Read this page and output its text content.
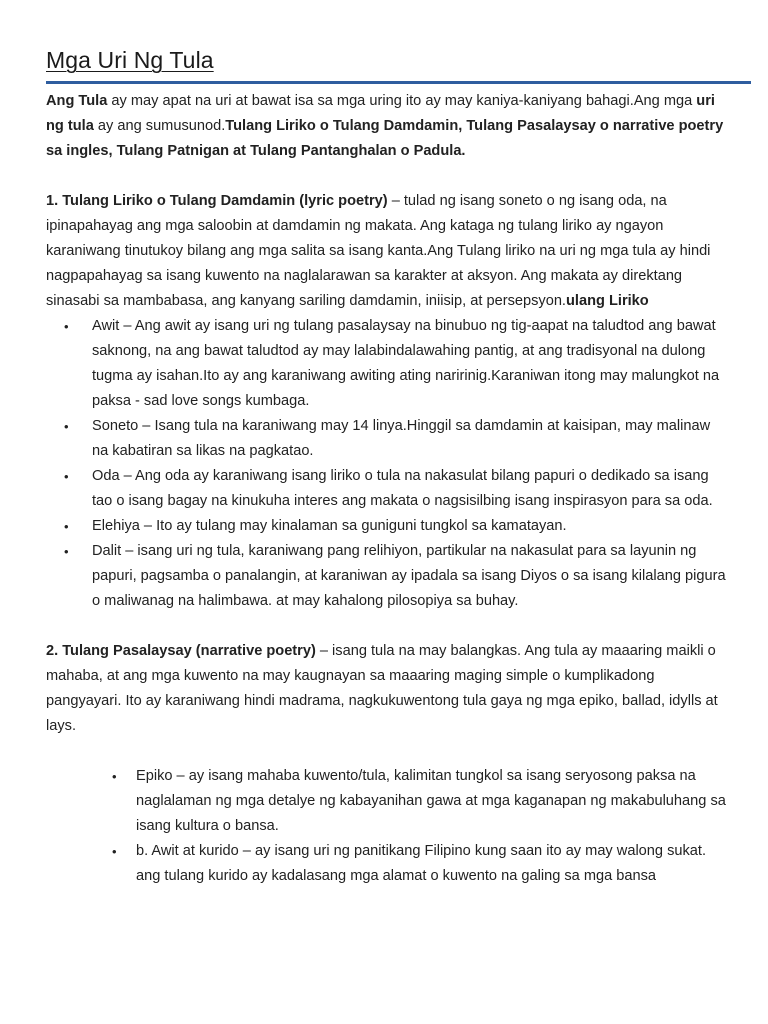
Mga Uri Ng Tula

Ang Tula ay may apat na uri at bawat isa sa mga uring ito ay may kaniya-kaniyang bahagi.Ang mga uri ng tula ay ang sumusunod.Tulang Liriko o Tulang Damdamin, Tulang Pasalaysay o narrative poetry sa ingles, Tulang Patnigan at Tulang Pantanghalan o Padula.

1. Tulang Liriko o Tulang Damdamin (lyric poetry) – tulad ng isang soneto o ng isang oda, na ipinapahayag ang mga saloobin at damdamin ng makata. Ang kataga ng tulang liriko ay ngayon karaniwang tinutukoy bilang ang mga salita sa isang kanta.Ang Tulang liriko na uri ng mga tula ay hindi nagpapahayag sa isang kuwento na naglalarawan sa karakter at aksyon. Ang makata ay direktang sinasabi sa mambabasa, ang kanyang sariling damdamin, iniisip, at persepsyon.ulang Liriko

• Awit – Ang awit ay isang uri ng tulang pasalaysay na binubuo ng tig-aapat na taludtod ang bawat saknong, na ang bawat taludtod ay may lalabindalawahing pantig, at ang tradisyonal na dulong tugma ay isahan.Ito ay ang karaniwang awiting ating naririnig.Karaniwan itong may malungkot na paksa - sad love songs kumbaga.
• Soneto – Isang tula na karaniwang may 14 linya.Hinggil sa damdamin at kaisipan, may malinaw na kabatiran sa likas na pagkatao.
• Oda – Ang oda ay karaniwang isang liriko o tula na nakasulat bilang papuri o dedikado sa isang tao o isang bagay na kinukuha interes ang makata o nagsisilbing isang inspirasyon para sa oda.
• Elehiya – Ito ay tulang may kinalaman sa guniguni tungkol sa kamatayan.
• Dalit – isang uri ng tula, karaniwang pang relihiyon, partikular na nakasulat para sa layunin ng papuri, pagsamba o panalangin, at karaniwan ay ipadala sa isang Diyos o sa isang kilalang pigura o maliwanag na halimbawa. at may kahalong pilosopiya sa buhay.

2. Tulang Pasalaysay (narrative poetry) – isang tula na may balangkas. Ang tula ay maaaring maikli o mahaba, at ang mga kuwento na may kaugnayan sa maaaring maging simple o kumplikadong pangyayari. Ito ay karaniwang hindi madrama, nagkukuwentong tula gaya ng mga epiko, ballad, idylls at lays.

• Epiko – ay isang mahaba kuwento/tula, kalimitan tungkol sa isang seryosong paksa na naglalaman ng mga detalye ng kabayanihan gawa at mga kaganapan ng makabuluhang sa isang kultura o bansa.
• b. Awit at kurido – ay isang uri ng panitikang Filipino kung saan ito ay may walong sukat. ang tulang kurido ay kadalasang mga alamat o kuwento na galing sa mga bansa
